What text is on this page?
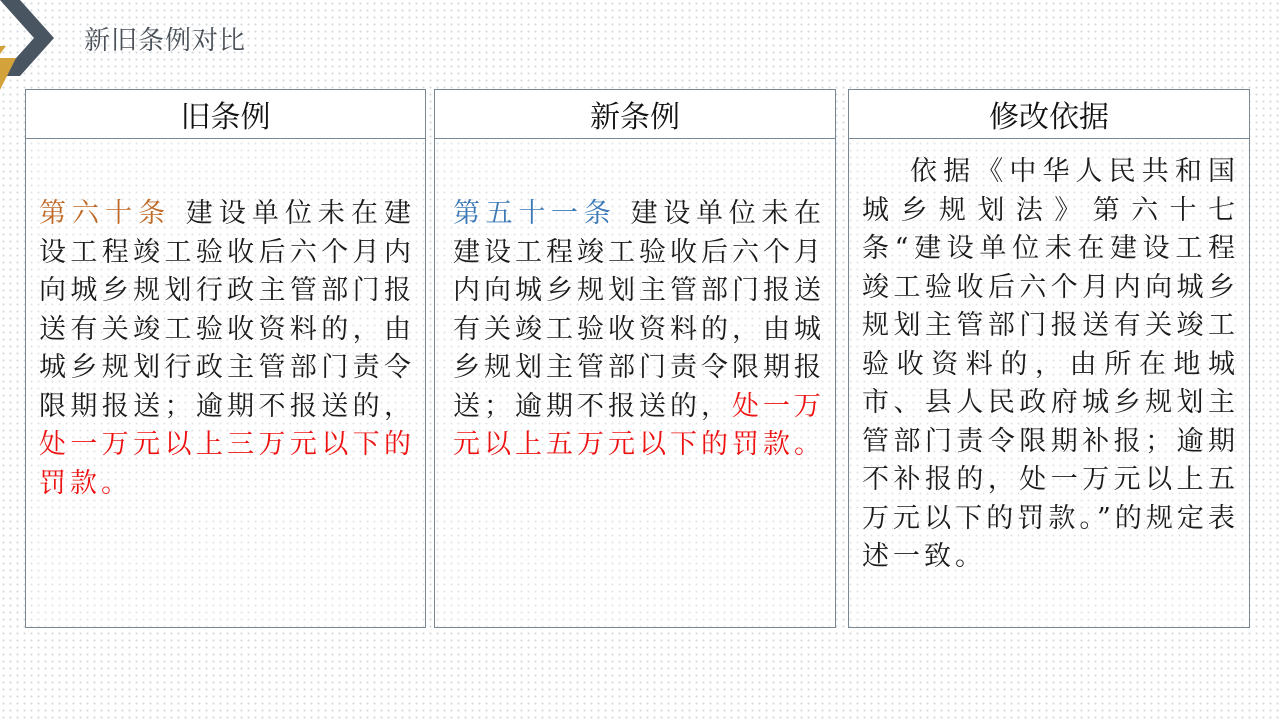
新旧条例对比
旧条例
第六十条 建设单位未在建设工程竣工验收后六个月内向城乡规划行政主管部门报送有关竣工验收资料的，由城乡规划行政主管部门责令限期报送；逾期不报送的，处一万元以上三万元以下的罚款。
新条例
第五十一条 建设单位未在建设工程竣工验收后六个月内向城乡规划主管部门报送有关竣工验收资料的，由城乡规划主管部门责令限期报送；逾期不报送的，处一万元以上五万元以下的罚款。
修改依据
依据《中华人民共和国城乡规划法》第六十七条“建设单位未在建设工程竣工验收后六个月内向城乡规划主管部门报送有关竣工验收资料的，由所在地城市、县人民政府城乡规划主管部门责令限期补报；逾期不补报的，处一万元以上五万元以下的罚款。”的规定表述一致。
